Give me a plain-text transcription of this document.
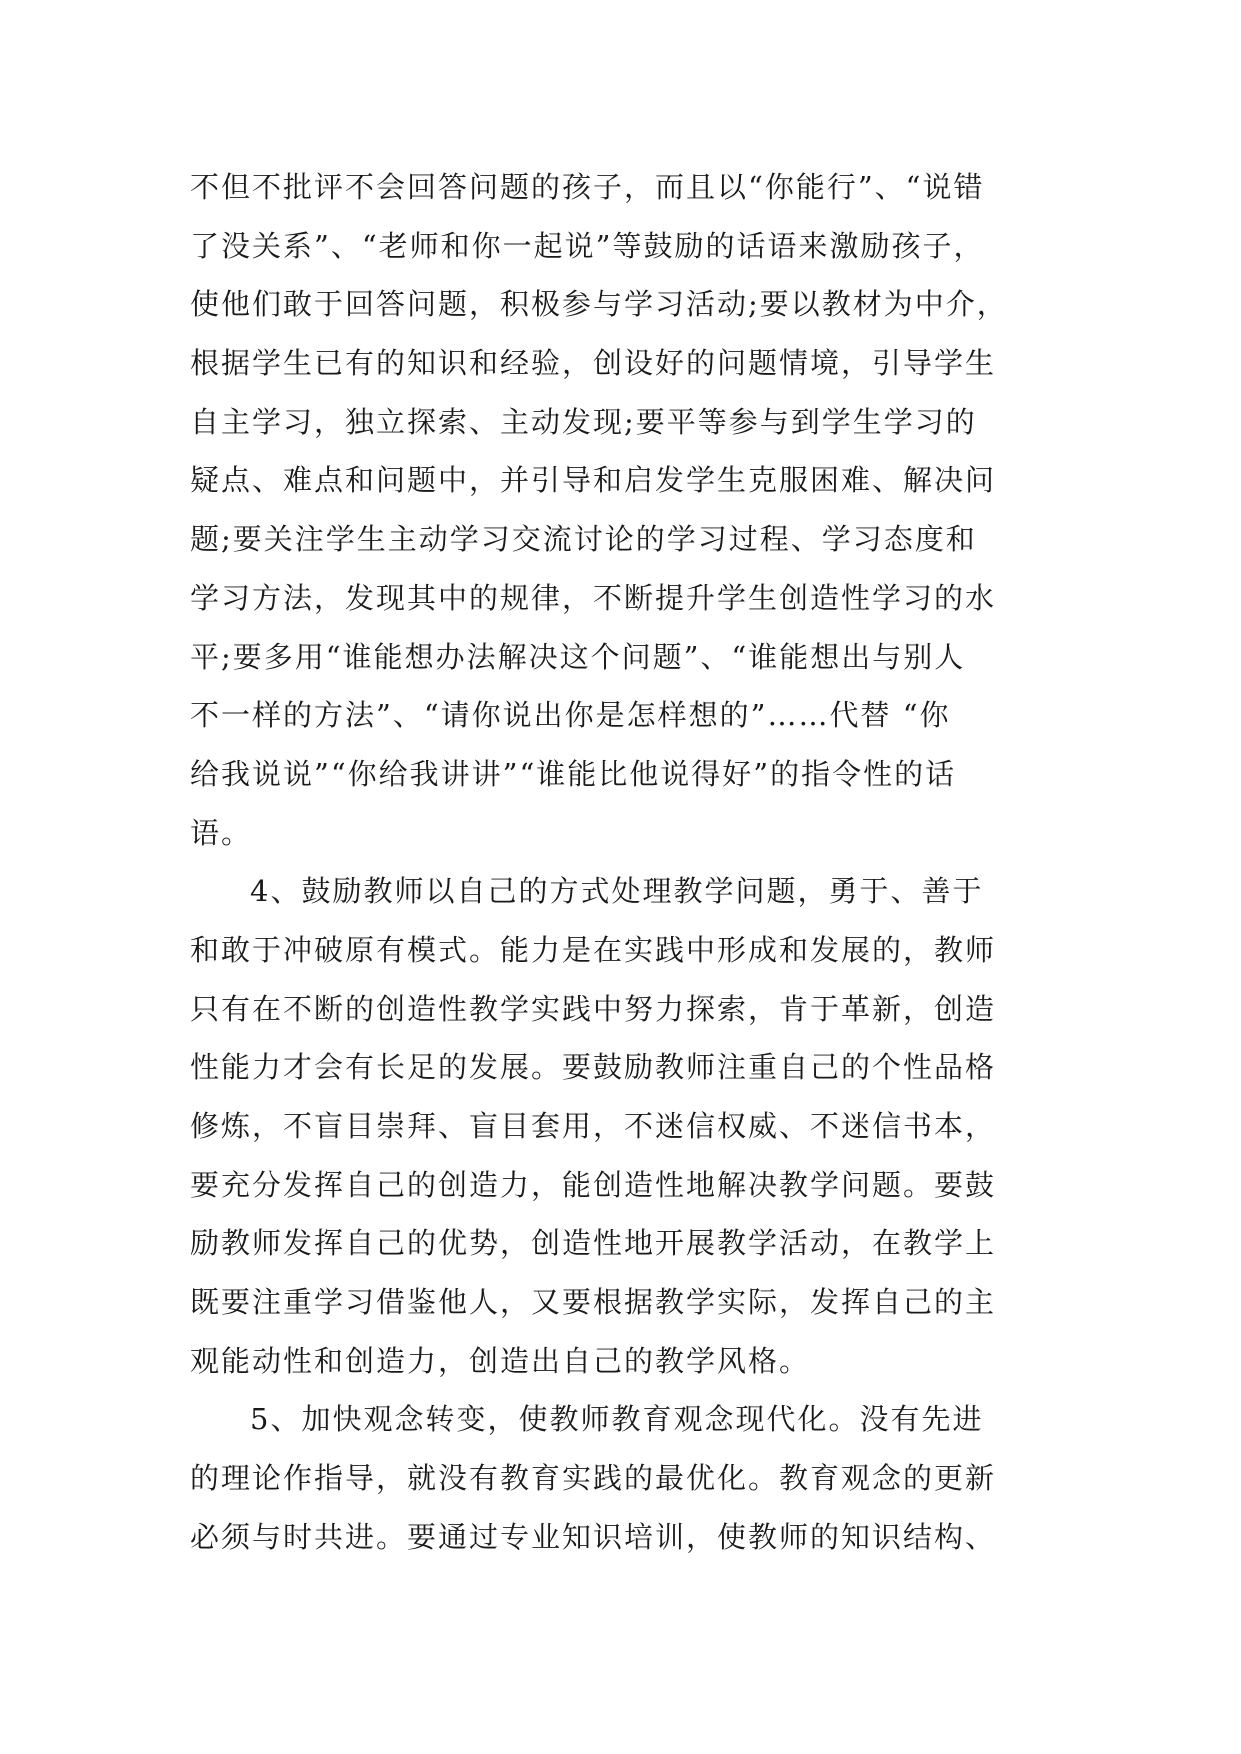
不但不批评不会回答问题的孩子，而且以“你能行”、“说错
了没关系”、“老师和你一起说”等鼓励的话语来激励孩子，
使他们敢于回答问题，积极参与学习活动;要以教材为中介，
根据学生已有的知识和经验，创设好的问题情境，引导学生
自主学习，独立探索、主动发现;要平等参与到学生学习的
疑点、难点和问题中，并引导和启发学生克服困难、解决问
题;要关注学生主动学习交流讨论的学习过程、学习态度和
学习方法，发现其中的规律，不断提升学生创造性学习的水
平;要多用“谁能想办法解决这个问题”、“谁能想出与别人
不一样的方法”、“请你说出你是怎样想的”……代替 “你
给我说说”“你给我讲讲”“谁能比他说得好”的指令性的话
语。
4、鼓励教师以自己的方式处理教学问题，勇于、善于
和敢于冲破原有模式。能力是在实践中形成和发展的，教师
只有在不断的创造性教学实践中努力探索，肯于革新，创造
性能力才会有长足的发展。要鼓励教师注重自己的个性品格
修炼，不盲目崇拜、盲目套用，不迷信权威、不迷信书本，
要充分发挥自己的创造力，能创造性地解决教学问题。要鼓
励教师发挥自己的优势，创造性地开展教学活动，在教学上
既要注重学习借鉴他人，又要根据教学实际，发挥自己的主
观能动性和创造力，创造出自己的教学风格。
5、加快观念转变，使教师教育观念现代化。没有先进
的理论作指导，就没有教育实践的最优化。教育观念的更新
必须与时共进。要通过专业知识培训，使教师的知识结构、
